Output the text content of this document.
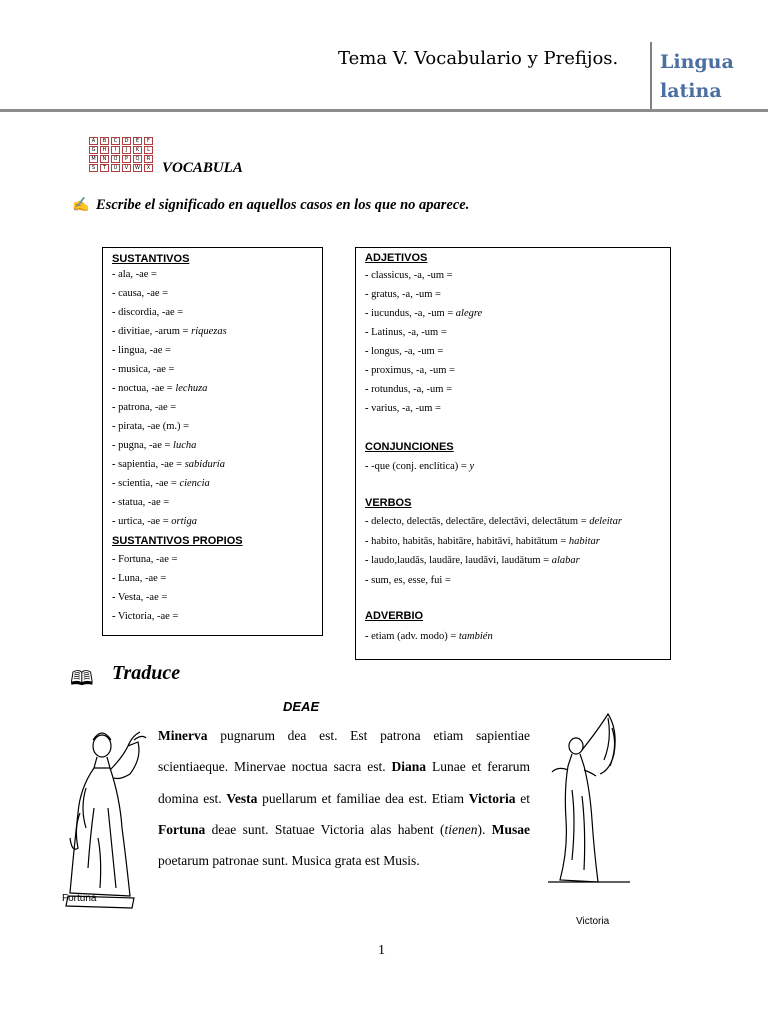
Tema V. Vocabulario y Prefijos. Lingua
latina
A	B	C	D	E	F
G	H	I	J	K	L
M	N	O	P	Q	R
S	T	U	V	W	X VOCABULA
✍ Escribe el significado en aquellos casos en los que no aparece.
SUSTANTIVOS
- ala, -ae =
- causa, -ae =
- discordia, -ae =
- divitiae, -arum = riquezas
- lingua, -ae =
- musica, -ae =
- noctua, -ae = lechuza
- patrona, -ae =
- pirata, -ae (m.) =
- pugna, -ae = lucha
- sapientia, -ae = sabiduría
- scientia, -ae = ciencia
- statua, -ae =
- urtica, -ae = ortiga
SUSTANTIVOS PROPIOS
- Fortuna, -ae =
- Luna, -ae =
- Vesta, -ae =
- Victoria, -ae =
ADJETIVOS
- classicus, -a, -um =
- gratus, -a, -um =
- iucundus, -a, -um = alegre
- Latinus, -a, -um =
- longus, -a, -um =
- proximus, -a, -um =
- rotundus, -a, -um =
- varius, -a, -um =
CONJUNCIONES
- -que (conj. enclítica) = y
VERBOS
- delecto, delectās, delectāre, delectāvi, delectātum = deleitar
- habito, habitās, habitāre, habitāvi, habitātum = habitar
- laudo,laudās, laudāre, laudāvi, laudātum = alabar
- sum, es, esse, fui =
ADVERBIO
- etiam (adv. modo) = también
🕮 Traduce
DEAE
Minerva pugnarum dea est. Est patrona etiam sapientiae scientiaeque. Minervae noctua sacra est. Diana Lunae et ferarum domina est. Vesta puellarum et familiae dea est. Etiam Victoria et Fortuna deae sunt. Statuae Victoria alas habent (tienen). Musae poetarum patronae sunt. Musica grata est Musis.
Fortuna
Victoria
1
